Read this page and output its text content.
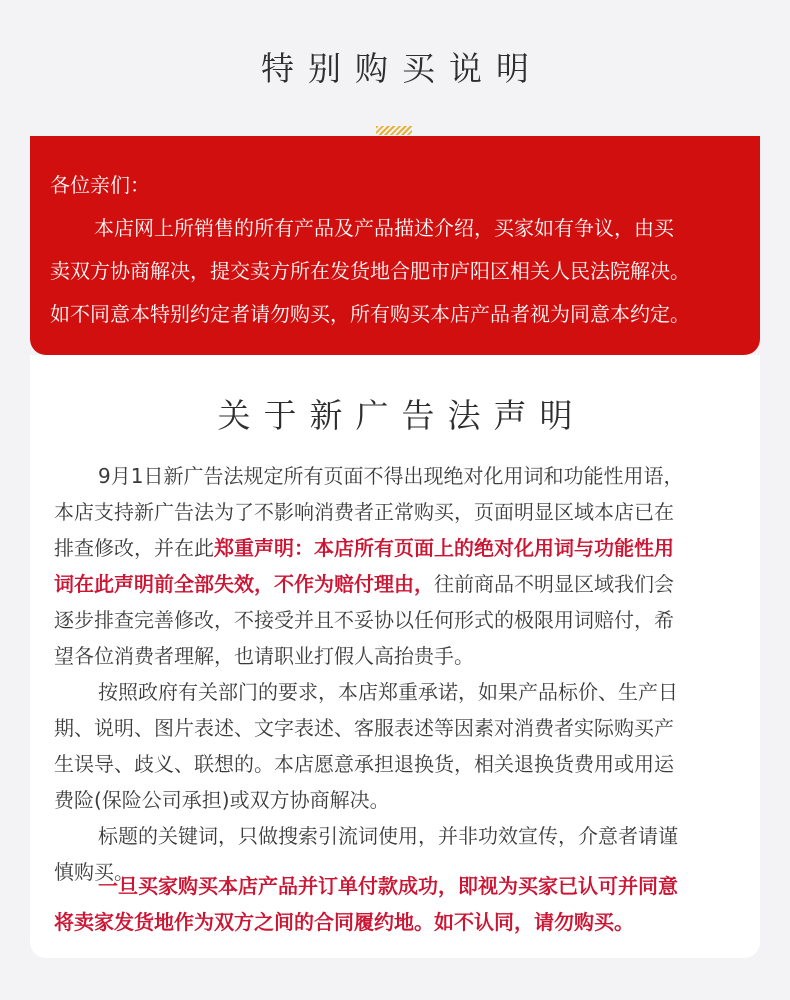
特别购买说明
各位亲们：
本店网上所销售的所有产品及产品描述介绍，买家如有争议，由买
卖双方协商解决，提交卖方所在发货地合肥市庐阳区相关人民法院解决。
如不同意本特别约定者请勿购买，所有购买本店产品者视为同意本约定。
关于新广告法声明
9月1日新广告法规定所有页面不得出现绝对化用词和功能性用语，
本店支持新广告法为了不影响消费者正常购买，页面明显区域本店已在
排查修改，并在此郑重声明：本店所有页面上的绝对化用词与功能性用
词在此声明前全部失效，不作为赔付理由，往前商品不明显区域我们会
逐步排查完善修改，不接受并且不妥协以任何形式的极限用词赔付，希
望各位消费者理解，也请职业打假人高抬贵手。
按照政府有关部门的要求，本店郑重承诺，如果产品标价、生产日
期、说明、图片表述、文字表述、客服表述等因素对消费者实际购买产
生误导、歧义、联想的。本店愿意承担退换货，相关退换货费用或用运
费险(保险公司承担)或双方协商解决。
标题的关键词，只做搜索引流词使用，并非功效宣传，介意者请谨
慎购买。
一旦买家购买本店产品并订单付款成功，即视为买家已认可并同意
将卖家发货地作为双方之间的合同履约地。如不认同，请勿购买。
